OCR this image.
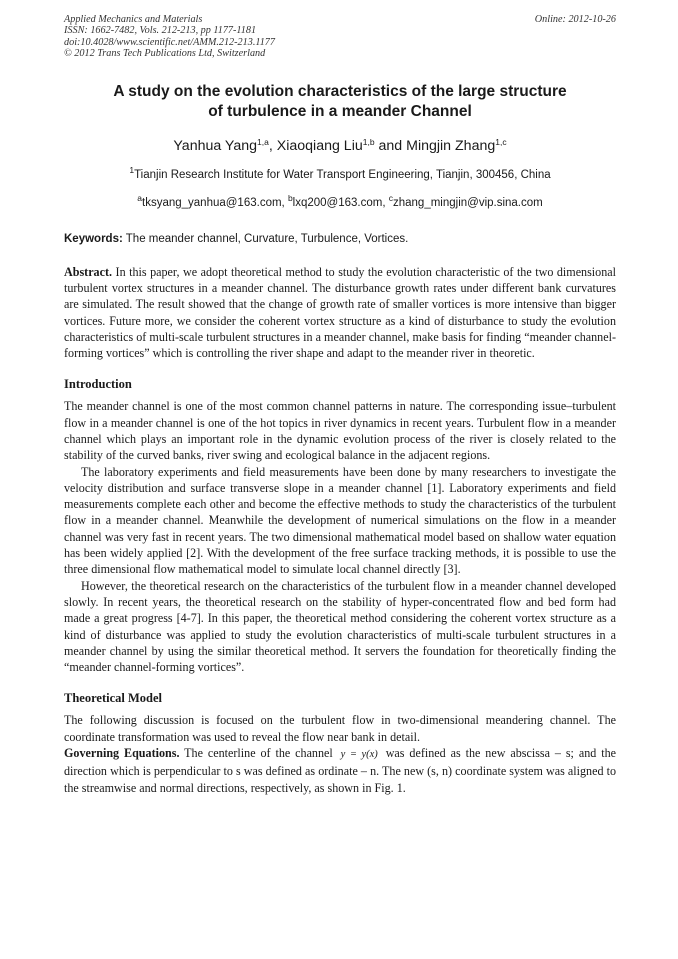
Applied Mechanics and Materials
ISSN: 1662-7482, Vols. 212-213, pp 1177-1181
doi:10.4028/www.scientific.net/AMM.212-213.1177
© 2012 Trans Tech Publications Ltd, Switzerland
Online: 2012-10-26
A study on the evolution characteristics of the large structure
of turbulence in a meander Channel
Yanhua Yang$^{1,a}$, Xiaoqiang Liu$^{1,b}$ and Mingjin Zhang$^{1,c}$
$^1$Tianjin Research Institute for Water Transport Engineering, Tianjin, 300456, China
$^a$tksyang_yanhua@163.com, $^b$lxq200@163.com, $^c$zhang_mingjin@vip.sina.com
Keywords: The meander channel, Curvature, Turbulence, Vortices.
Abstract. In this paper, we adopt theoretical method to study the evolution characteristic of the two dimensional turbulent vortex structures in a meander channel. The disturbance growth rates under different bank curvatures are simulated. The result showed that the change of growth rate of smaller vortices is more intensive than bigger vortices. Future more, we consider the coherent vortex structure as a kind of disturbance to study the evolution characteristics of multi-scale turbulent structures in a meander channel, make basis for finding “meander channel-forming vortices” which is controlling the river shape and adapt to the meander river in theoretic.
Introduction

The meander channel is one of the most common channel patterns in nature. The corresponding issue–turbulent flow in a meander channel is one of the hot topics in river dynamics in recent years. Turbulent flow in a meander channel which plays an important role in the dynamic evolution process of the river is closely related to the stability of the curved banks, river swing and ecological balance in the adjacent regions.

The laboratory experiments and field measurements have been done by many researchers to investigate the velocity distribution and surface transverse slope in a meander channel [1]. Laboratory experiments and field measurements complete each other and become the effective methods to study the characteristics of the turbulent flow in a meander channel. Meanwhile the development of numerical simulations on the flow in a meander channel was very fast in recent years. The two dimensional mathematical model based on shallow water equation has been widely applied [2]. With the development of the free surface tracking methods, it is possible to use the three dimensional flow mathematical model to simulate local channel directly [3].

However, the theoretical research on the characteristics of the turbulent flow in a meander channel developed slowly. In recent years, the theoretical research on the stability of hyper-concentrated flow and bed form had made a great progress [4-7]. In this paper, the theoretical method considering the coherent vortex structure as a kind of disturbance was applied to study the evolution characteristics of multi-scale turbulent structures in a meander channel by using the similar theoretical method. It servers the foundation for theoretically finding the “meander channel-forming vortices”.

Theoretical Model

The following discussion is focused on the turbulent flow in two-dimensional meandering channel. The coordinate transformation was used to reveal the flow near bank in detail.

Governing Equations. The centerline of the channel y = y(x) was defined as the new abscissa – s; and the direction which is perpendicular to s was defined as ordinate – n. The new (s, n) coordinate system was aligned to the streamwise and normal directions, respectively, as shown in Fig. 1.
